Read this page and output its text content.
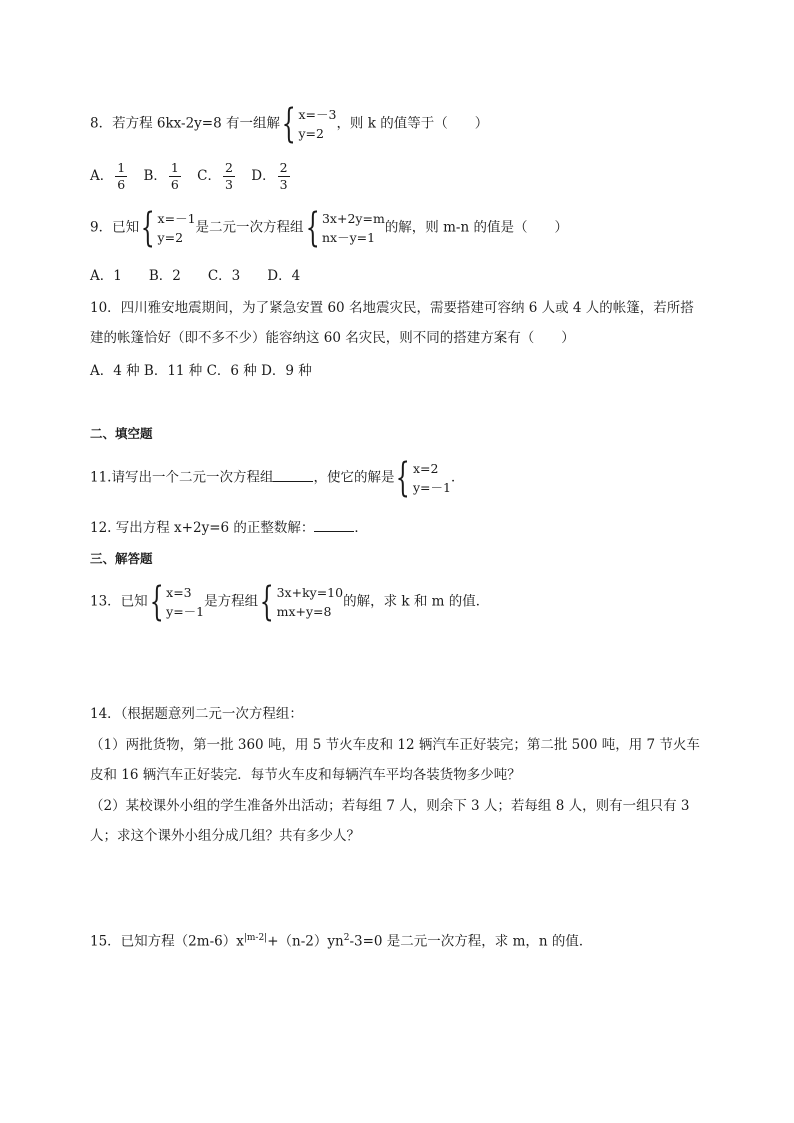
8．若方程 6kx-2y=8 有一组解 { x=－3
y=2
，则 k 的值等于（　　）
A． $\frac{1}{6}$ B． $\frac{1}{6}$ C． $\frac{2}{3}$ D． $\frac{2}{3}$
9．已知 { x=－1
y=2
是二元一次方程组 { 3x+2y=m
nx－y=1
的解，则 m-n 的值是（　　）
A．1　　B．2　　C．3　　D．4
10．四川雅安地震期间，为了紧急安置 60 名地震灾民，需要搭建可容纳 6 人或 4 人的帐篷，若所搭
建的帐篷恰好（即不多不少）能容纳这 60 名灾民，则不同的搭建方案有（　　）
A．4 种 B．11 种 C．6 种 D．9 种
二、填空题
11.请写出一个二元一次方程组	，使它的解是 { x=2
y=－1
．
12. 写出方程 x+2y=6 的正整数解：	．
三、解答题
13．已知 { x=3
y=－1
是方程组 { 3x+ky=10
mx+y=8
的解，求 k 和 m 的值．
14．（根据题意列二元一次方程组：
（1）两批货物，第一批 360 吨，用 5 节火车皮和 12 辆汽车正好装完；第二批 500 吨，用 7 节火车
皮和 16 辆汽车正好装完．每节火车皮和每辆汽车平均各装货物多少吨？
（2）某校课外小组的学生准备外出活动；若每组 7 人，则余下 3 人；若每组 8 人，则有一组只有 3
人；求这个课外小组分成几组？共有多少人？
15．已知方程$(2m-6)x^{|m-2|}+(n-2)yn^2-3=0$ 是二元一次方程，求 m，n 的值．
